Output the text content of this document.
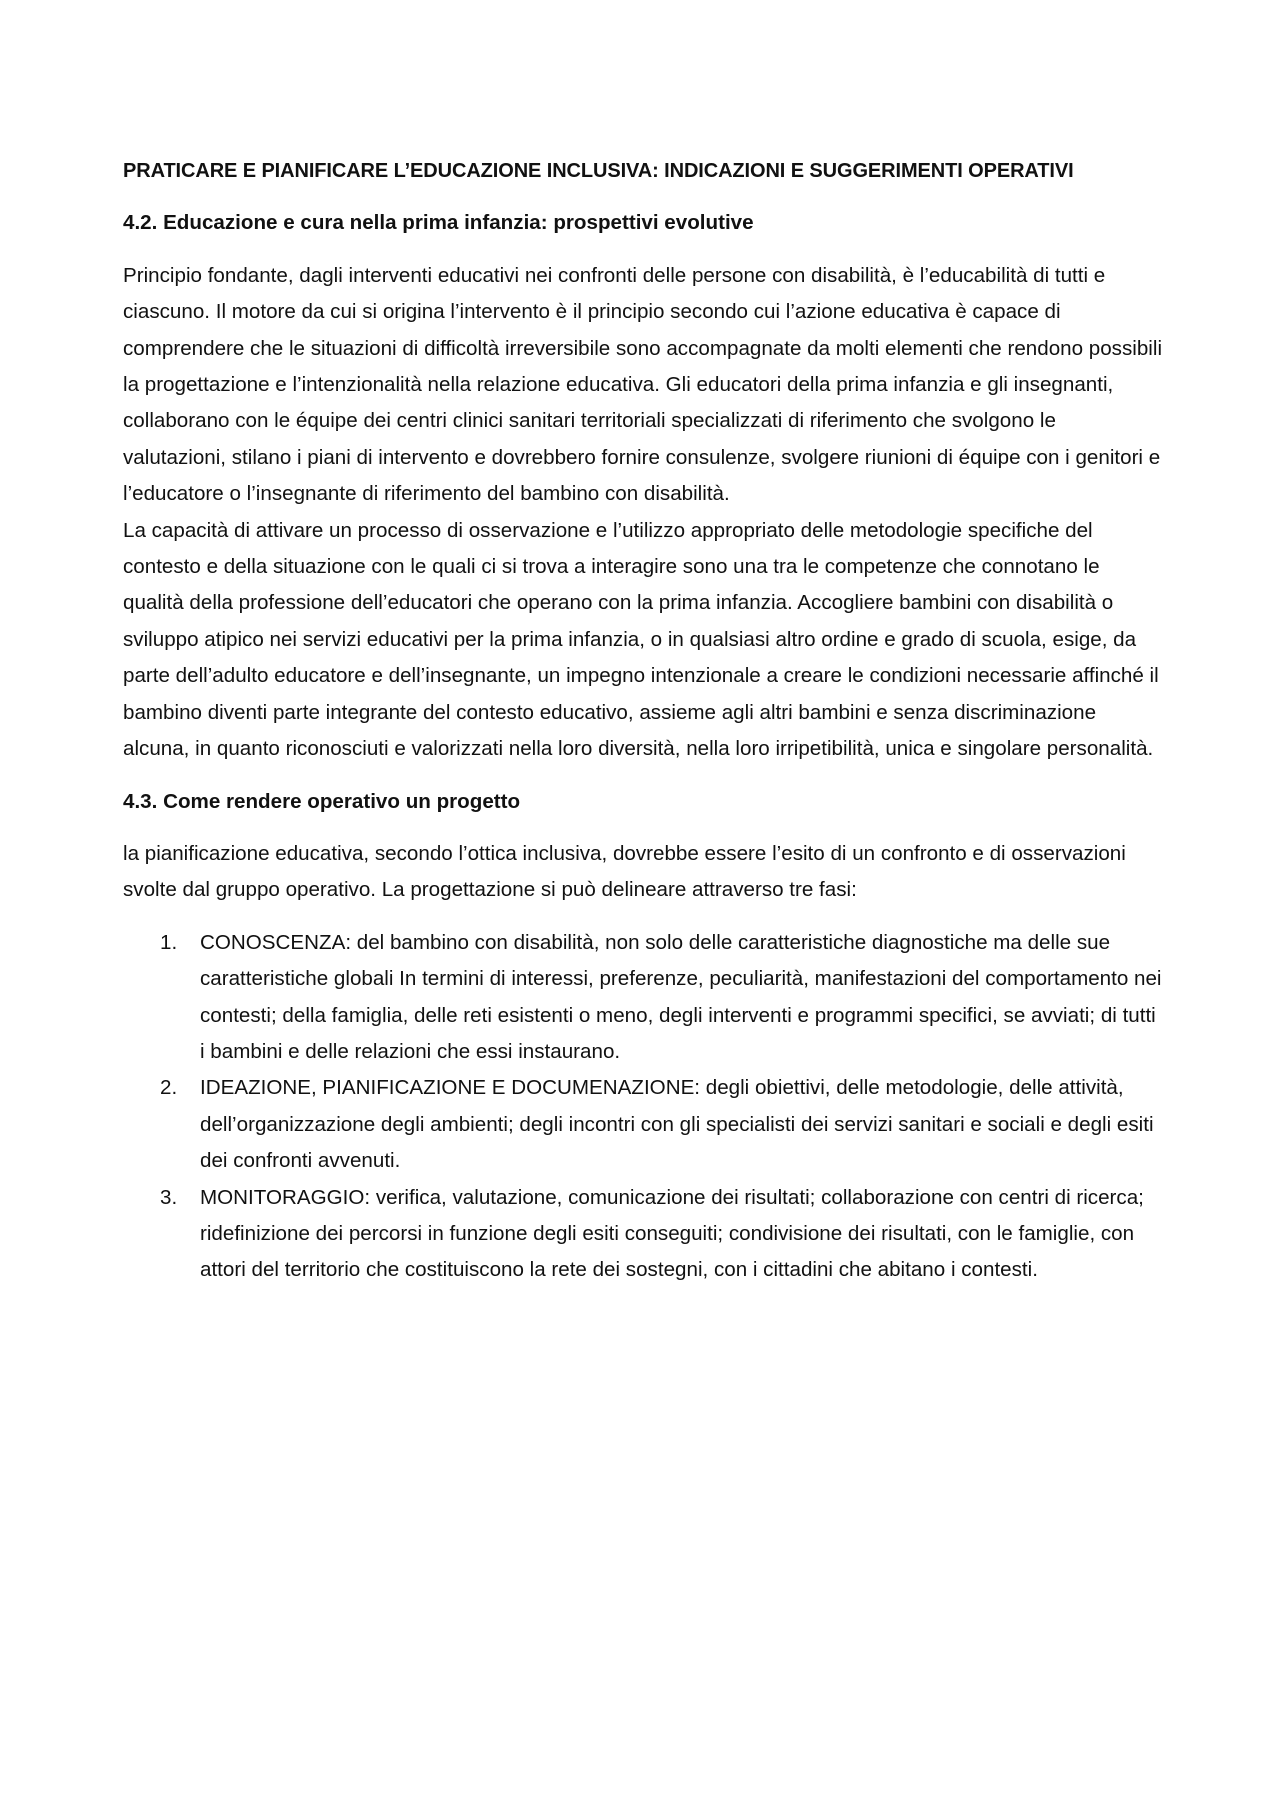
PRATICARE E PIANIFICARE L’EDUCAZIONE INCLUSIVA: INDICAZIONI E SUGGERIMENTI OPERATIVI
4.2. Educazione e cura nella prima infanzia: prospettivi evolutive

Principio fondante, dagli interventi educativi nei confronti delle persone con disabilità, è l’educabilità di tutti e ciascuno. Il motore da cui si origina l’intervento è il principio secondo cui l’azione educativa è capace di comprendere che le situazioni di difficoltà irreversibile sono accompagnate da molti elementi che rendono possibili la progettazione e l’intenzionalità nella relazione educativa. Gli educatori della prima infanzia e gli insegnanti, collaborano con le équipe dei centri clinici sanitari territoriali specializzati di riferimento che svolgono le valutazioni, stilano i piani di intervento e dovrebbero fornire consulenze, svolgere riunioni di équipe con i genitori e l’educatore o l’insegnante di riferimento del bambino con disabilità.

La capacità di attivare un processo di osservazione e l’utilizzo appropriato delle metodologie specifiche del contesto e della situazione con le quali ci si trova a interagire sono una tra le competenze che connotano le qualità della professione dell’educatori che operano con la prima infanzia. Accogliere bambini con disabilità o sviluppo atipico nei servizi educativi per la prima infanzia, o in qualsiasi altro ordine e grado di scuola, esige, da parte dell’adulto educatore e dell’insegnante, un impegno intenzionale a creare le condizioni necessarie affinché il bambino diventi parte integrante del contesto educativo, assieme agli altri bambini e senza discriminazione alcuna, in quanto riconosciuti e valorizzati nella loro diversità, nella loro irripetibilità, unica e singolare personalità.

4.3. Come rendere operativo un progetto

la pianificazione educativa, secondo l’ottica inclusiva, dovrebbe essere l’esito di un confronto e di osservazioni svolte dal gruppo operativo. La progettazione si può delineare attraverso tre fasi:

1. CONOSCENZA: del bambino con disabilità, non solo delle caratteristiche diagnostiche ma delle sue caratteristiche globali In termini di interessi, preferenze, peculiarità, manifestazioni del comportamento nei contesti; della famiglia, delle reti esistenti o meno, degli interventi e programmi specifici, se avviati; di tutti i bambini e delle relazioni che essi instaurano.
2. IDEAZIONE, PIANIFICAZIONE E DOCUMENAZIONE: degli obiettivi, delle metodologie, delle attività, dell’organizzazione degli ambienti; degli incontri con gli specialisti dei servizi sanitari e sociali e degli esiti dei confronti avvenuti.
3. MONITORAGGIO: verifica, valutazione, comunicazione dei risultati; collaborazione con centri di ricerca; ridefinizione dei percorsi in funzione degli esiti conseguiti; condivisione dei risultati, con le famiglie, con attori del territorio che costituiscono la rete dei sostegni, con i cittadini che abitano i contesti.
